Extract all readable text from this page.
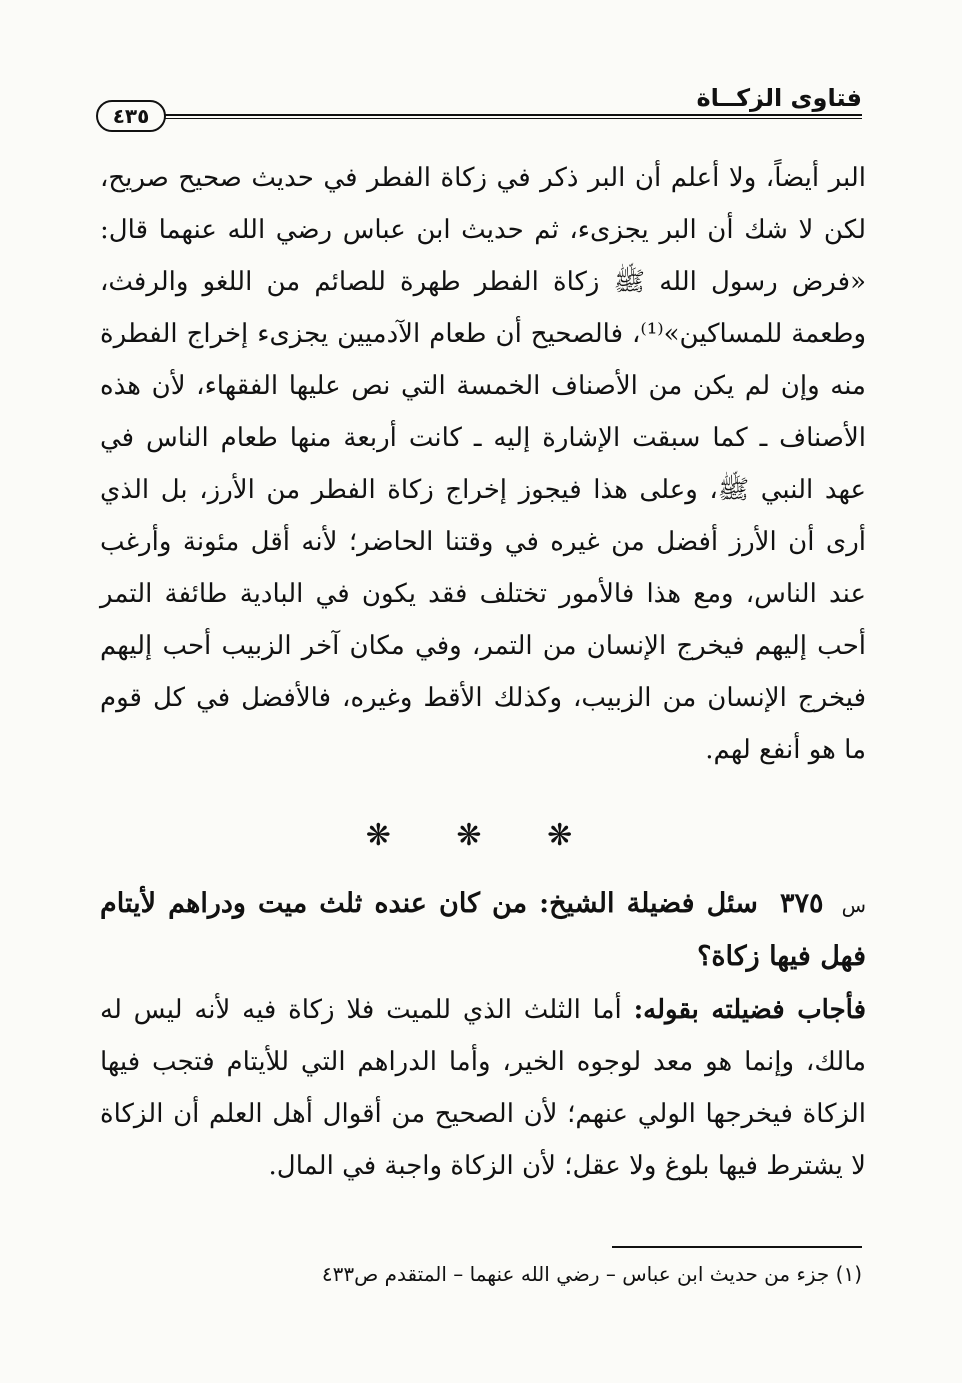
فتاوى الزكــاة
٤٣٥

البر أيضاً، ولا أعلم أن البر ذكر في زكاة الفطر في حديث صحيح صريح، لكن لا شك أن البر يجزىء، ثم حديث ابن عباس رضي الله عنهما قال: «فرض رسول الله ﷺ زكاة الفطر طهرة للصائم من اللغو والرفث، وطعمة للمساكين»⁽¹⁾، فالصحيح أن طعام الآدميين يجزىء إخراج الفطرة منه وإن لم يكن من الأصناف الخمسة التي نص عليها الفقهاء، لأن هذه الأصناف ـ كما سبقت الإشارة إليه ـ كانت أربعة منها طعام الناس في عهد النبي ﷺ، وعلى هذا فيجوز إخراج زكاة الفطر من الأرز، بل الذي أرى أن الأرز أفضل من غيره في وقتنا الحاضر؛ لأنه أقل مئونة وأرغب عند الناس، ومع هذا فالأمور تختلف فقد يكون في البادية طائفة التمر أحب إليهم فيخرج الإنسان من التمر، وفي مكان آخر الزبيب أحب إليهم فيخرج الإنسان من الزبيب، وكذلك الأقط وغيره، فالأفضل في كل قوم ما هو أنفع لهم.

❋ ❋ ❋

س ٣٧٥ سئل فضيلة الشيخ: من كان عنده ثلث ميت ودراهم لأيتام فهل فيها زكاة؟

فأجاب فضيلته بقوله: أما الثلث الذي للميت فلا زكاة فيه لأنه ليس له مالك، وإنما هو معد لوجوه الخير، وأما الدراهم التي للأيتام فتجب فيها الزكاة فيخرجها الولي عنهم؛ لأن الصحيح من أقوال أهل العلم أن الزكاة لا يشترط فيها بلوغ ولا عقل؛ لأن الزكاة واجبة في المال.

(١) جزء من حديث ابن عباس – رضي الله عنهما – المتقدم ص٤٣٣
